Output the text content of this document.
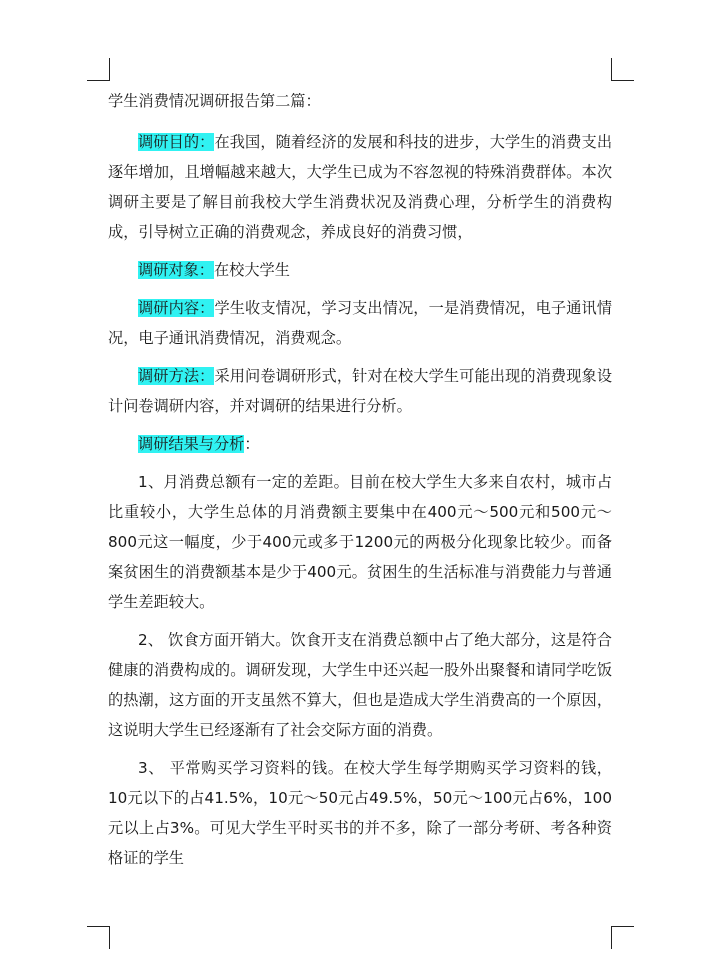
学生消费情况调研报告第二篇：

调研目的：在我国，随着经济的发展和科技的进步，大学生的消费支出逐年增加，且增幅越来越大，大学生已成为不容忽视的特殊消费群体。本次调研主要是了解目前我校大学生消费状况及消费心理，分析学生的消费构成，引导树立正确的消费观念，养成良好的消费习惯，

调研对象：在校大学生

调研内容：学生收支情况，学习支出情况，一是消费情况，电子通讯情况，电子通讯消费情况，消费观念。

调研方法：采用问卷调研形式，针对在校大学生可能出现的消费现象设计问卷调研内容，并对调研的结果进行分析。

调研结果与分析：

1、月消费总额有一定的差距。目前在校大学生大多来自农村，城市占比重较小，大学生总体的月消费额主要集中在400元～500元和500元～800元这一幅度，少于400元或多于1200元的两极分化现象比较少。而备案贫困生的消费额基本是少于400元。贫困生的生活标准与消费能力与普通学生差距较大。

2、 饮食方面开销大。饮食开支在消费总额中占了绝大部分，这是符合健康的消费构成的。调研发现，大学生中还兴起一股外出聚餐和请同学吃饭的热潮，这方面的开支虽然不算大，但也是造成大学生消费高的一个原因，这说明大学生已经逐渐有了社会交际方面的消费。

3、 平常购买学习资料的钱。在校大学生每学期购买学习资料的钱，10元以下的占41.5%，10元～50元占49.5%，50元～100元占6%，100元以上占3%。可见大学生平时买书的并不多，除了一部分考研、考各种资格证的学生
